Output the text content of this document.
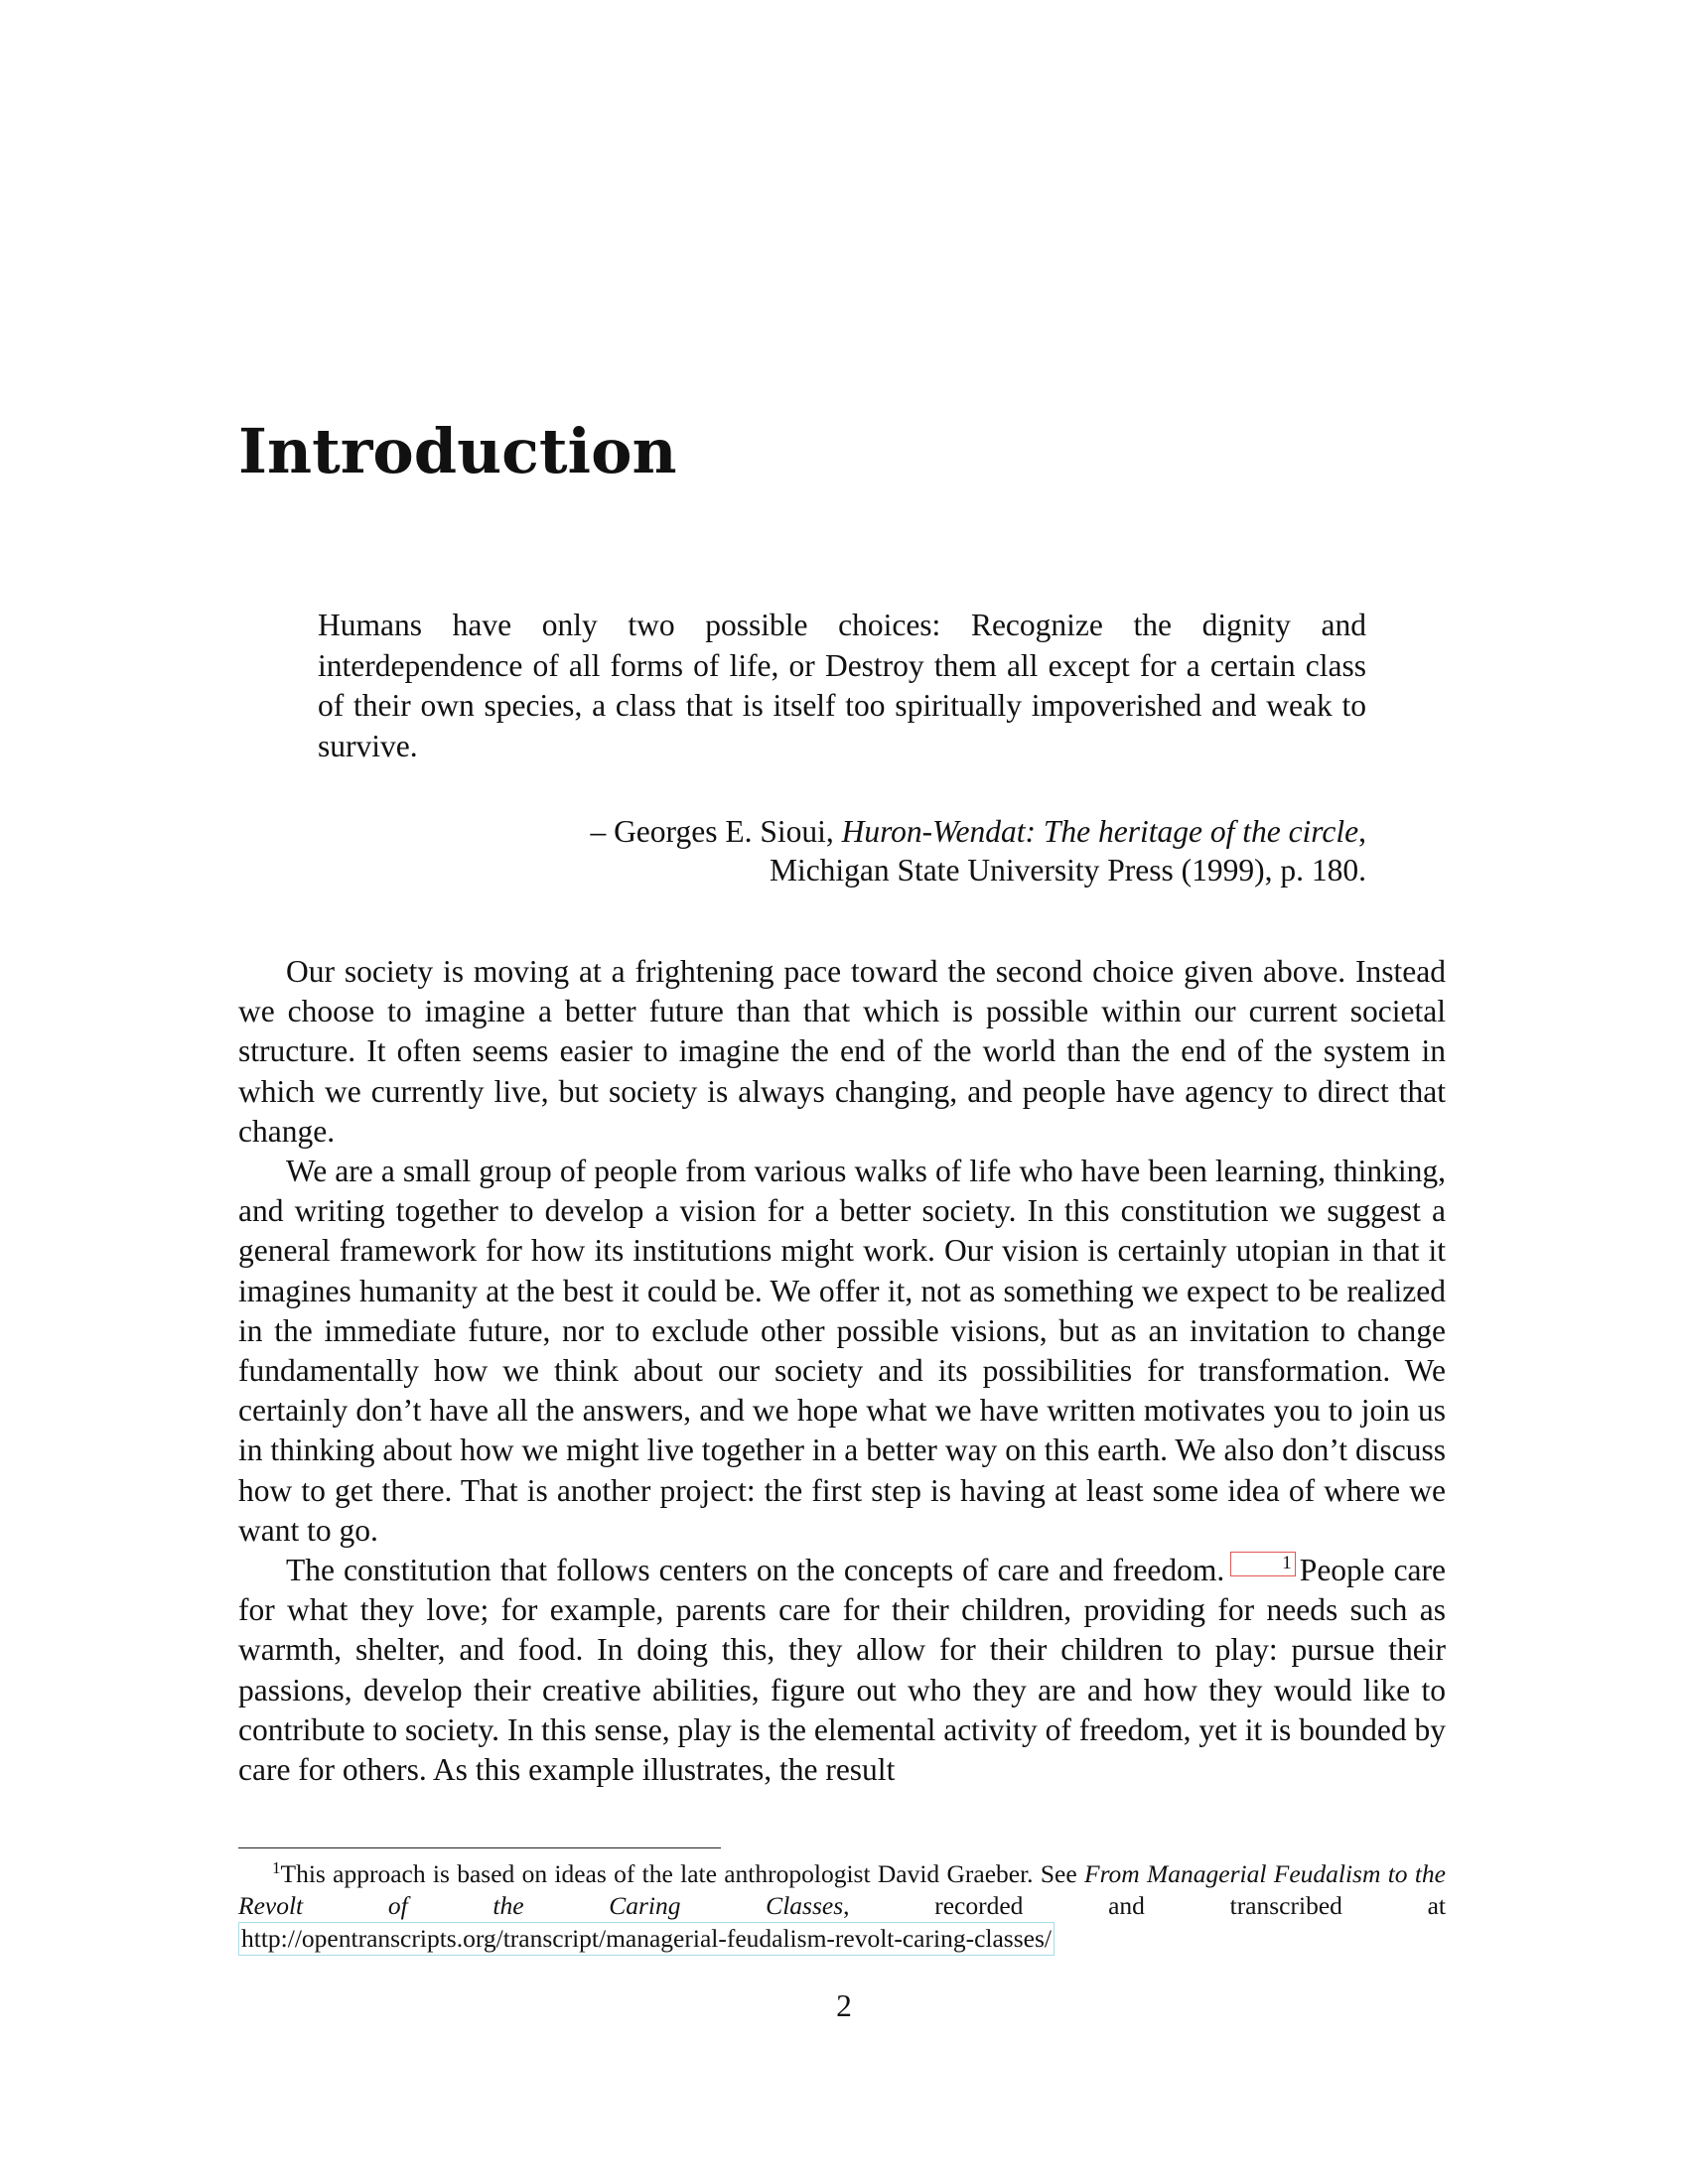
Introduction

Humans have only two possible choices: Recognize the dignity and interdependence of all forms of life, or Destroy them all except for a certain class of their own species, a class that is itself too spiritually impoverished and weak to survive.

– Georges E. Sioui, Huron-Wendat: The heritage of the circle,
Michigan State University Press (1999), p. 180.

Our society is moving at a frightening pace toward the second choice given above. Instead we choose to imagine a better future than that which is possible within our current societal structure. It often seems easier to imagine the end of the world than the end of the system in which we currently live, but society is always changing, and people have agency to direct that change.

We are a small group of people from various walks of life who have been learning, thinking, and writing together to develop a vision for a better society. In this constitution we suggest a general framework for how its institutions might work. Our vision is certainly utopian in that it imagines humanity at the best it could be. We offer it, not as something we expect to be realized in the immediate future, nor to exclude other possible visions, but as an invitation to change fundamentally how we think about our society and its possibilities for transformation. We certainly don’t have all the answers, and we hope what we have written motivates you to join us in thinking about how we might live together in a better way on this earth. We also don’t discuss how to get there. That is another project: the first step is having at least some idea of where we want to go.

The constitution that follows centers on the concepts of care and freedom.	1 People care for what they love; for example, parents care for their children, providing for needs such as warmth, shelter, and food. In doing this, they allow for their children to play: pursue their passions, develop their creative abilities, figure out who they are and how they would like to contribute to society. In this sense, play is the elemental activity of freedom, yet it is bounded by care for others. As this example illustrates, the result

$^1$This approach is based on ideas of the late anthropologist David Graeber. See From Managerial Feudalism to the Revolt of the Caring Classes, recorded and transcribed at http://opentranscripts.org/transcript/managerial-feudalism-revolt-caring-classes/

2
